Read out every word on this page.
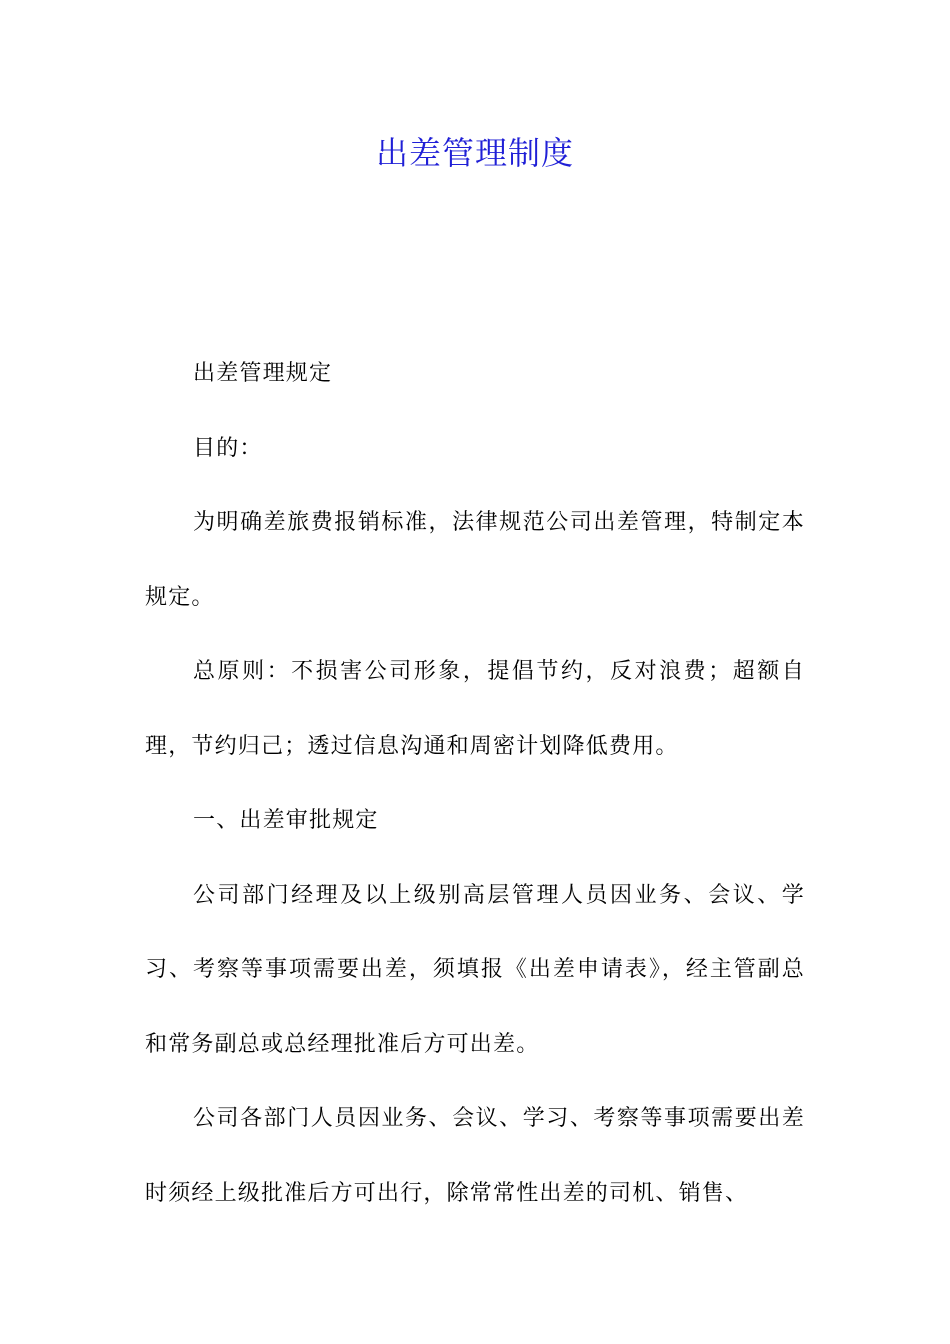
出差管理制度

出差管理规定

目的：

为明确差旅费报销标准，法律规范公司出差管理，特制定本规定。

总原则：不损害公司形象，提倡节约，反对浪费；超额自理，节约归己；透过信息沟通和周密计划降低费用。

一、出差审批规定

公司部门经理及以上级别高层管理人员因业务、会议、学习、考察等事项需要出差，须填报《出差申请表》，经主管副总和常务副总或总经理批准后方可出差。

公司各部门人员因业务、会议、学习、考察等事项需要出差时须经上级批准后方可出行，除常常性出差的司机、销售、
